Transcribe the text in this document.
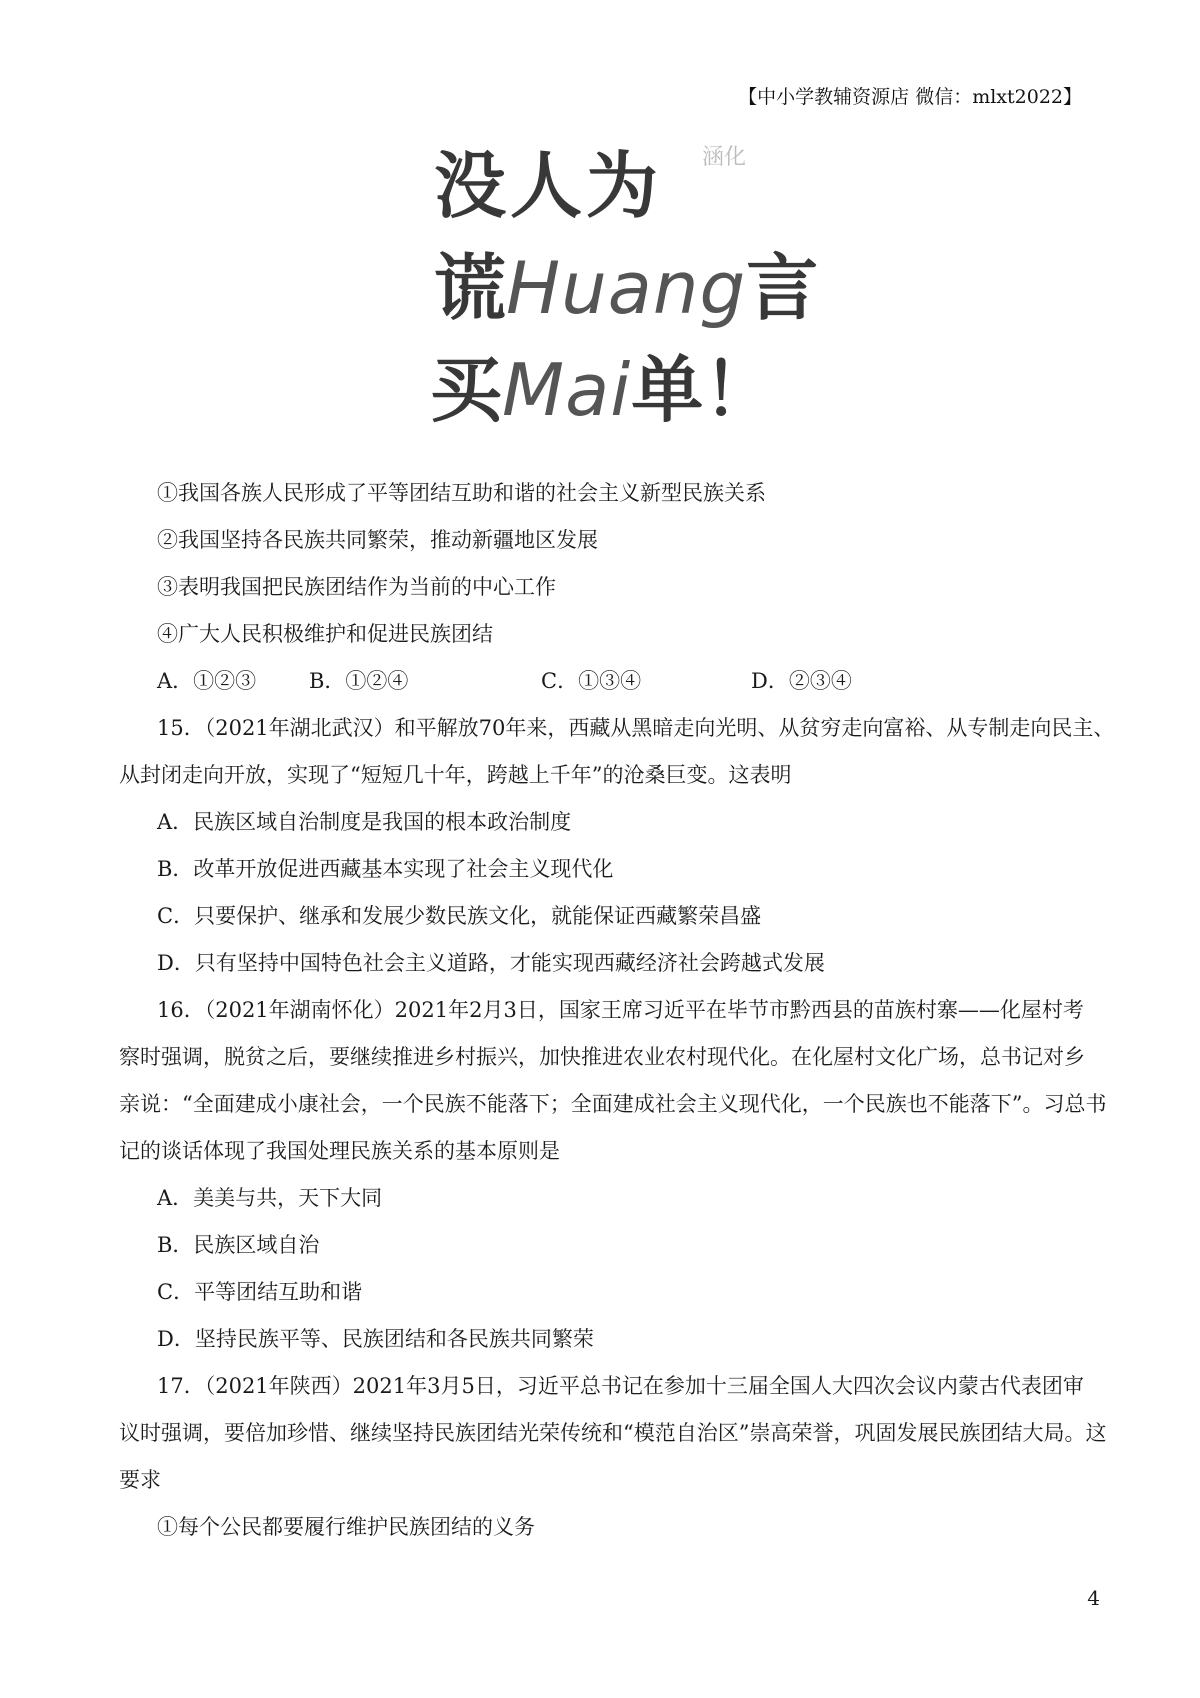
【中小学教辅资源店 微信：mlxt2022】
涵化
没人为
谎Huang言
买Mai单！
①我国各族人民形成了平等团结互助和谐的社会主义新型民族关系
②我国坚持各民族共同繁荣，推动新疆地区发展
③表明我国把民族团结作为当前的中心工作
④广大人民积极维护和促进民族团结
A．①②③	B．①②④	C．①③④	D．②③④
15．（2021年湖北武汉）和平解放70年来，西藏从黑暗走向光明、从贫穷走向富裕、从专制走向民主、
从封闭走向开放，实现了“短短几十年，跨越上千年”的沧桑巨变。这表明
A．民族区域自治制度是我国的根本政治制度
B．改革开放促进西藏基本实现了社会主义现代化
C．只要保护、继承和发展少数民族文化，就能保证西藏繁荣昌盛
D．只有坚持中国特色社会主义道路，才能实现西藏经济社会跨越式发展
16．（2021年湖南怀化）2021年2月3日，国家王席习近平在毕节市黔西县的苗族村寨——化屋村考
察时强调，脱贫之后，要继续推进乡村振兴，加快推进农业农村现代化。在化屋村文化广场，总书记对乡
亲说：“全面建成小康社会，一个民族不能落下；全面建成社会主义现代化，一个民族也不能落下”。习总书
记的谈话体现了我国处理民族关系的基本原则是
A．美美与共，天下大同
B．民族区域自治
C．平等团结互助和谐
D．坚持民族平等、民族团结和各民族共同繁荣
17．（2021年陕西）2021年3月5日，习近平总书记在参加十三届全国人大四次会议内蒙古代表团审
议时强调，要倍加珍惜、继续坚持民族团结光荣传统和“模范自治区”崇高荣誉，巩固发展民族团结大局。这
要求
①每个公民都要履行维护民族团结的义务
4
